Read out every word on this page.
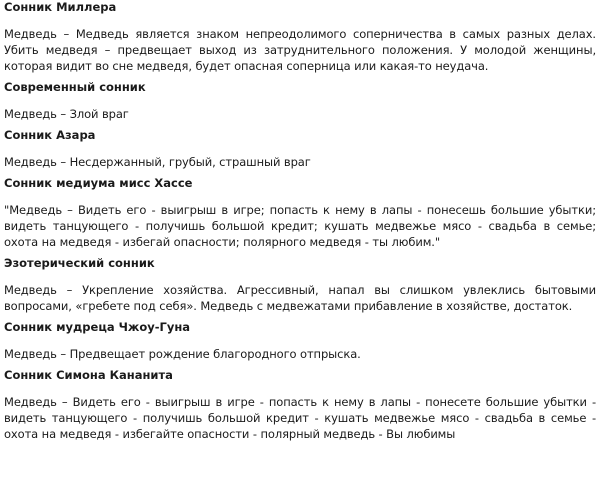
Сонник Миллера

Медведь – Медведь является знаком непреодолимого соперничества в самых разных делах. Убить медведя – предвещает выход из затруднительного положения. У молодой женщины, которая видит во сне медведя, будет опасная соперница или какая-то неудача.

Современный сонник

Медведь – Злой враг

Сонник Азара

Медведь – Несдержанный, грубый, страшный враг

Сонник медиума мисс Хассе

"Медведь – Видеть его - выигрыш в игре; попасть к нему в лапы - понесешь большие убытки; видеть танцующего - получишь большой кредит; кушать медвежье мясо - свадьба в семье; охота на медведя - избегай опасности; полярного медведя - ты любим."

Эзотерический сонник

Медведь – Укрепление хозяйства. Агрессивный, напал вы слишком увлеклись бытовыми вопросами, «гребете под себя». Медведь с медвежатами прибавление в хозяйстве, достаток.

Сонник мудреца Чжоу-Гуна

Медведь – Предвещает рождение благородного отпрыска.

Сонник Симона Кананита

Медведь – Видеть его - выигрыш в игре - попасть к нему в лапы - понесете большие убытки - видеть танцующего - получишь большой кредит - кушать медвежье мясо - свадьба в семье - охота на медведя - избегайте опасности - полярный медведь - Вы любимы
